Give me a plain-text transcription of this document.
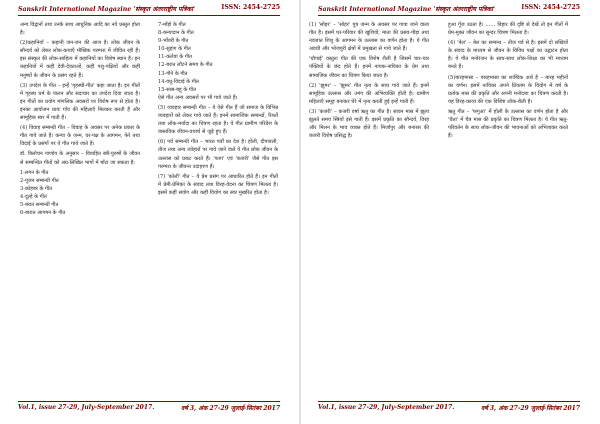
Sanskrit International Magazine 'संस्कृत अंतरराष्ट्रीय पत्रिका'	ISSN: 2454-2725

अन्य विद्वानों तथा उनके साथ आधुनिक आदि का नये प्रस्तुत होता है।

(2)कहानियाँ – कहानी जन-जन की आज है। लोक जीवन के सौन्दर्य को लेकर लोक-कथाएँ मौखिक परम्परा में जीवित रही हैं। इस संस्कृत की लोक-साहित्य में कहानियों का विशेष स्थान है। इन कहानियों में कहीं देवी-देवताओं, कहीं पशु-पक्षियों और कहीं मनुष्यों के जीवन के प्रसंग रहते हैं।

(3) उपदेश के गीत – इन्हें 'गृहस्थी-गीत' कहा जाता है। इन गीतों में गृहस्थ धर्म के पालन और सदाचार का उपदेश दिया जाता है। इन गीतों का प्रयोग मांगलिक अवसरों पर विशेष रूप से होता है। इनका आयोजन प्रायः गाँव की महिलाएँ मिलकर करती हैं और सामूहिक स्वर में गाती हैं।

(4) विवाह सम्बन्धी गीत – विवाह के अवसर पर अनेक प्रकार के गीत गाये जाते हैं। कन्या के जन्म, वर-पक्ष के आगमन, फेरे तथा विदाई के प्रसंगों पर ये गीत गाये जाते हैं।

डॉ. त्रिलोचन पाण्डेय के अनुसार – विवाहित स्त्री-पुरुषों के जीवन से सम्बन्धित गीतों को अग्र-लिखित भागों में बाँटा जा सकता है:

1-लगन के गीत

2-पूजन सम्बन्धी गीत

3-कोहबर के गीत

4-दूल्हे के गीत

5-बरात सम्बन्धी गीत

6-बारात आगमन के गीत

7-माँड़ो के गीत

8-कन्यादान के गीत

9-भाँवरी के गीत

10-सुहाग के गीत

11-कलेवा के गीत

12-बरात लौटने समय के गीत

13-गौने के गीत

14-वधू-विदाई के गीत

15-सास-बहू के गीत

ऐसे गीत अन्य अवसरों पर भी गाये जाते हैं।

(5) व्यवहार सम्बन्धी गीत – ये ऐसे गीत हैं जो समाज के विभिन्न व्यवहारों को लेकर गाये जाते हैं। इनमें सामाजिक सम्बन्धों, रिश्तों तथा लोक-मर्यादा का चित्रण रहता है। ये गीत ग्रामीण परिवेश के वास्तविक जीवन-यथार्थ से जुड़े हुए हैं।

(6) पर्व सम्बन्धी गीत – भारत पर्वों का देश है। होली, दीपावली, तीज तथा अन्य त्योहारों पर गाये जाने वाले ये गीत लोक जीवन के उल्लास को प्रकट करते हैं। 'फाग' एवं 'कजरी' जैसे गीत इस परम्परा के जीवन्त उदाहरण हैं।

(7) 'कोली' गीत – ये प्रेम प्रसंग पर आधारित होते हैं। इन गीतों में प्रेमी-प्रेमिका के संवाद तथा विरह-वेदना का चित्रण मिलता है। इसमें कहीं संयोग और कहीं वियोग का स्वर मुखरित होता है।

Vol.1, issue 27-29, July-September 2017.	वर्ष 3, अंक 27-29 जुलाई-सितंबर 2017
Sanskrit International Magazine 'संस्कृत अंतरराष्ट्रीय पत्रिका'	ISSN: 2454-2725

(1) 'सोहर' – 'सोहर' पुत्र जन्म के अवसर पर गाया जाने वाला गीत है। इसमें घर-परिवार की खुशियों, माता की प्रसव-पीड़ा तथा नवजात शिशु के आगमन के उल्लास का वर्णन होता है। ये गीत अवधी और भोजपुरी क्षेत्रों में प्रमुखता से गाये जाते हैं।

'चौपाई' वस्तुतः गीत की एक विशेष शैली है जिसमें चार-चार पंक्तियों के छंद होते हैं। इनमें नायक-नायिका के प्रेम तथा सामाजिक जीवन का चित्रण किया जाता है।

(2) 'झूमर' – 'झूमर' गीत नृत्य के साथ गाये जाते हैं। इनमें सामूहिक उल्लास और उमंग की अभिव्यक्ति होती है। ग्रामीण महिलाएँ समूह बनाकर घेरे में नृत्य करती हुई इन्हें गाती हैं।

(3) 'कजरी' – कजरी वर्षा ऋतु का गीत है। सावन मास में झूला झूलते समय स्त्रियाँ इसे गाती हैं। इसमें प्रकृति का सौन्दर्य, विरह और मिलन के भाव व्यक्त होते हैं। मिर्जापुर और बनारस की कजरी विशेष प्रसिद्ध है।

हुआ गूँज उठता है। ...... बिहार की दृष्टि से देखें तो इन गीतों में प्रेम-मुक्त जीवन का सुन्दर चित्रण मिलता है।

(4) 'बेल' – बेल का सम्बन्ध – तीज पर्व से है। इसमें दो सखियों के संवाद के माध्यम से जीवन के विविध पक्षों का उद्घाटन होता है। ये गीत मनोरंजन के साथ-साथ लोक-शिक्षा का भी माध्यम बनते हैं।

(5)बारहमासा – बारहमासा का शाब्दिक अर्थ है – बारह महीनों का वर्णन। इसमें नायिका अपने प्रियतम के वियोग में वर्ष के प्रत्येक मास की प्रकृति और अपनी मनोदशा का चित्रण करती है। यह विरह-काव्य की एक विशिष्ट लोक-शैली है।

ऋतु गीत – 'फगुआ' में होली के उल्लास का वर्णन होता है और 'चैता' में चैत्र मास की प्रकृति का चित्रण मिलता है। ये गीत ऋतु-परिवर्तन के साथ लोक-जीवन की भावनाओं को अभिव्यक्त करते हैं।

Vol.1, issue 27-29, July-September 2017.	वर्ष 3, अंक 27-29 जुलाई-सितंबर 2017
